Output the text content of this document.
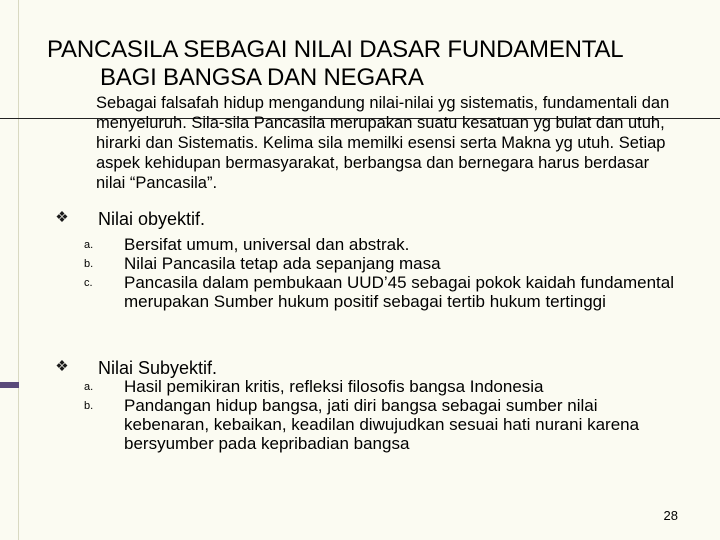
PANCASILA SEBAGAI NILAI DASAR FUNDAMENTAL
BAGI BANGSA DAN NEGARA
Sebagai falsafah hidup mengandung nilai-nilai yg sistematis, fundamentali dan menyeluruh. Sila-sila Pancasila merupakan suatu kesatuan yg bulat dan utuh, hirarki dan Sistematis. Kelima sila memilki esensi serta Makna yg utuh. Setiap aspek kehidupan bermasyarakat, berbangsa dan bernegara harus berdasar nilai “Pancasila”.
❖ Nilai obyektif.
a.	Bersifat umum, universal dan abstrak.
b.	Nilai Pancasila tetap ada sepanjang masa
c.	Pancasila dalam pembukaan UUD’45 sebagai pokok kaidah fundamental merupakan Sumber hukum positif sebagai tertib hukum tertinggi
❖ Nilai Subyektif.
a.	Hasil pemikiran kritis, refleksi filosofis bangsa Indonesia
b.	Pandangan hidup bangsa, jati diri bangsa sebagai sumber nilai kebenaran, kebaikan, keadilan diwujudkan sesuai hati nurani karena bersyumber pada kepribadian bangsa
28
